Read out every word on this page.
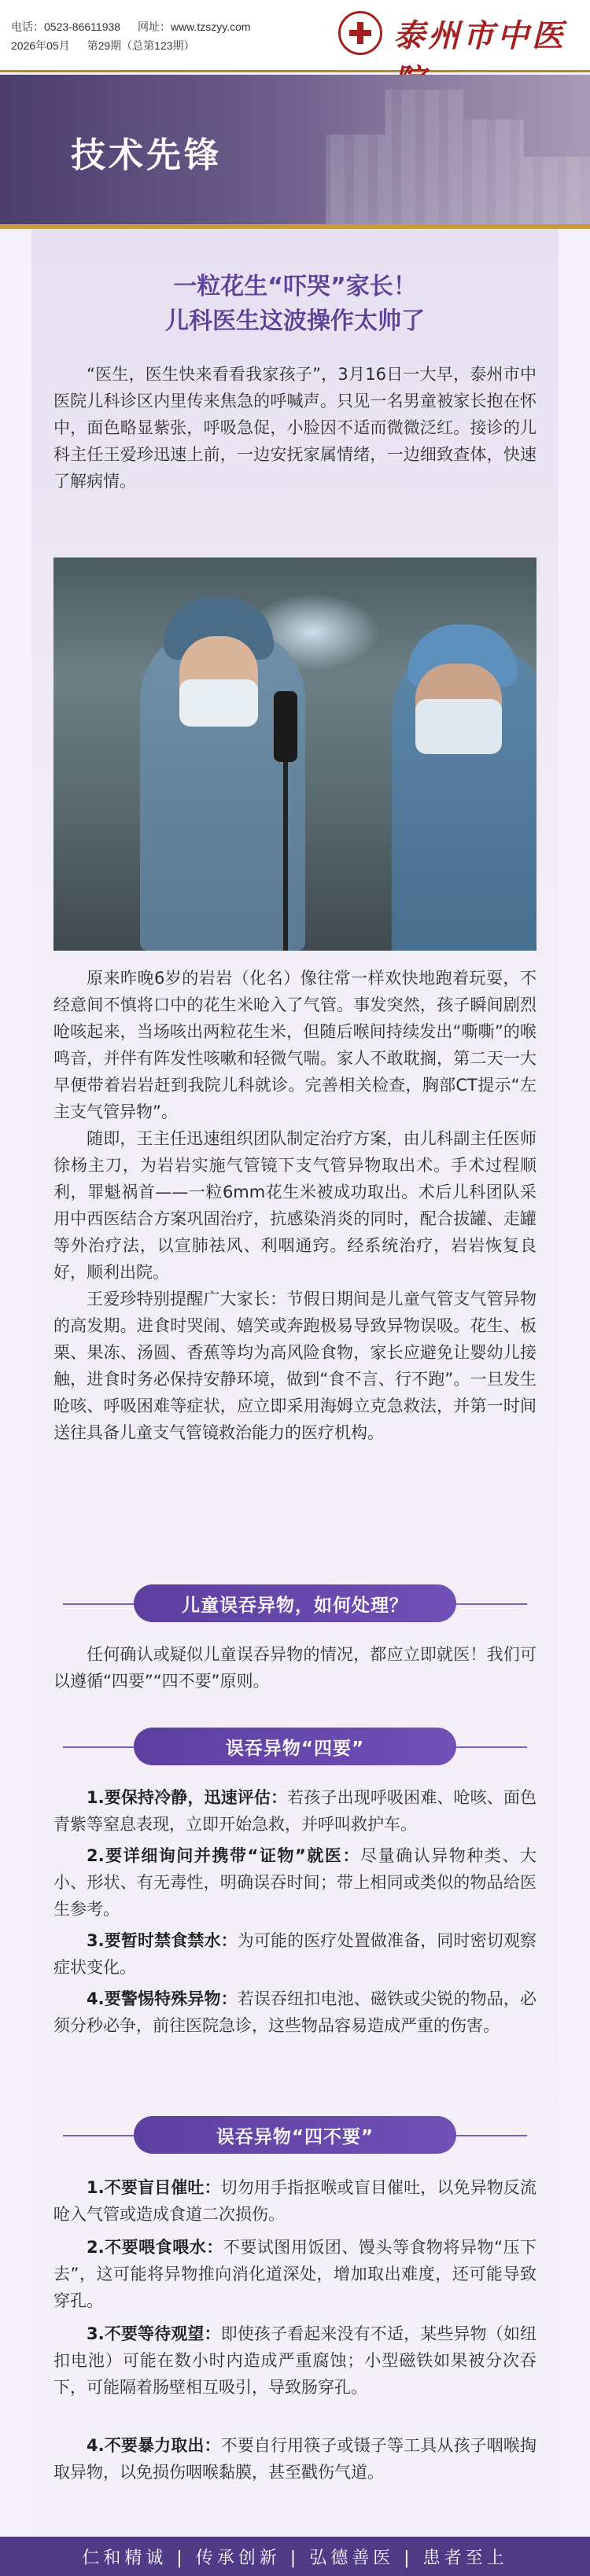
电话：0523-86611938 网址：www.tzszyy.com
2026年05月 第29期（总第123期）	泰州市中医
技术先锋
一粒花生“吓哭”家长！
儿科医生这波操作太帅了
“医生，医生快来看看我家孩子”，3月16日一大早，泰州市中医院儿科诊区内里传来焦急的呼喊声。只见一名男童被家长抱在怀中，面色略显紫张，呼吸急促，小脸因不适而微微泛红。接诊的儿科主任王爱珍迅速上前，一边安抚家属情绪，一边细致查体，快速了解病情。
原来昨晚6岁的岩岩（化名）像往常一样欢快地跑着玩耍，不经意间不慎将口中的花生米呛入了气管。事发突然，孩子瞬间剧烈呛咳起来，当场咳出两粒花生米，但随后喉间持续发出“嘶嘶”的喉鸣音，并伴有阵发性咳嗽和轻微气喘。家人不敢耽搁，第二天一大早便带着岩岩赶到我院儿科就诊。完善相关检查，胸部CT提示“左主支气管异物”。
随即，王主任迅速组织团队制定治疗方案，由儿科副主任医师徐杨主刀，为岩岩实施气管镜下支气管异物取出术。手术过程顺利，罪魁祸首——一粒6mm花生米被成功取出。术后儿科团队采用中西医结合方案巩固治疗，抗感染消炎的同时，配合拔罐、走罐等外治疗法，以宣肺祛风、利咽通窍。经系统治疗，岩岩恢复良好，顺利出院。
王爱珍特别提醒广大家长：节假日期间是儿童气管支气管异物的高发期。进食时哭闹、嬉笑或奔跑极易导致异物误吸。花生、板栗、果冻、汤圆、香蕉等均为高风险食物，家长应避免让婴幼儿接触，进食时务必保持安静环境，做到“食不言、行不跑”。一旦发生呛咳、呼吸困难等症状，应立即采用海姆立克急救法，并第一时间送往具备儿童支气管镜救治能力的医疗机构。
儿童误吞异物，如何处理？
任何确认或疑似儿童误吞异物的情况，都应立即就医！我们可以遵循“四要”“四不要”原则。
误吞异物“四要”
1.要保持冷静，迅速评估：若孩子出现呼吸困难、呛咳、面色青紫等窒息表现，立即开始急救，并呼叫救护车。
2.要详细询问并携带“证物”就医：尽量确认异物种类、大小、形状、有无毒性，明确误吞时间；带上相同或类似的物品给医生参考。
3.要暂时禁食禁水：为可能的医疗处置做准备，同时密切观察症状变化。
4.要警惕特殊异物：若误吞纽扣电池、磁铁或尖锐的物品，必须分秒必争，前往医院急诊，这些物品容易造成严重的伤害。
误吞异物“四不要”
1.不要盲目催吐：切勿用手指抠喉或盲目催吐，以免异物反流呛入气管或造成食道二次损伤。
2.不要喂食喂水：不要试图用饭团、馒头等食物将异物“压下去”，这可能将异物推向消化道深处，增加取出难度，还可能导致穿孔。
3.不要等待观望：即使孩子看起来没有不适，某些异物（如纽扣电池）可能在数小时内造成严重腐蚀；小型磁铁如果被分次吞下，可能隔着肠壁相互吸引，导致肠穿孔。
4.不要暴力取出：不要自行用筷子或镊子等工具从孩子咽喉掏取异物，以免损伤咽喉黏膜，甚至戳伤气道。
仁和精诚 | 传承创新 | 弘德善医 | 患者至上
